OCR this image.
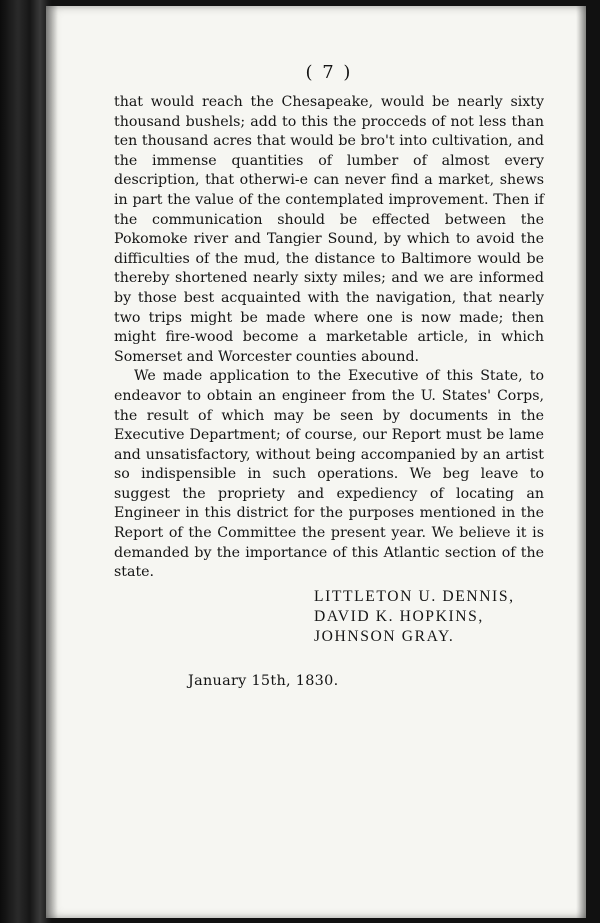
( 7 )

that would reach the Chesapeake, would be nearly sixty thousand bushels; add to this the procceds of not less than ten thousand acres that would be bro't into cultivation, and the immense quantities of lumber of almost every description, that otherwi-e can never find a market, shews in part the value of the contemplated improvement. Then if the communication should be effected between the Pokomoke river and Tangier Sound, by which to avoid the difficulties of the mud, the distance to Baltimore would be thereby shortened nearly sixty miles; and we are informed by those best acquainted with the navigation, that nearly two trips might be made where one is now made; then might fire-wood become a marketable article, in which Somerset and Worcester counties abound.

We made application to the Executive of this State, to endeavor to obtain an engineer from the U. States' Corps, the result of which may be seen by documents in the Executive Department; of course, our Report must be lame and unsatisfactory, without being accompanied by an artist so indispensible in such operations. We beg leave to suggest the propriety and expediency of locating an Engineer in this district for the purposes mentioned in the Report of the Committee the present year. We believe it is demanded by the importance of this Atlantic section of the state.

LITTLETON U. DENNIS,
DAVID K. HOPKINS,
JOHNSON GRAY.
January 15th, 1830.
